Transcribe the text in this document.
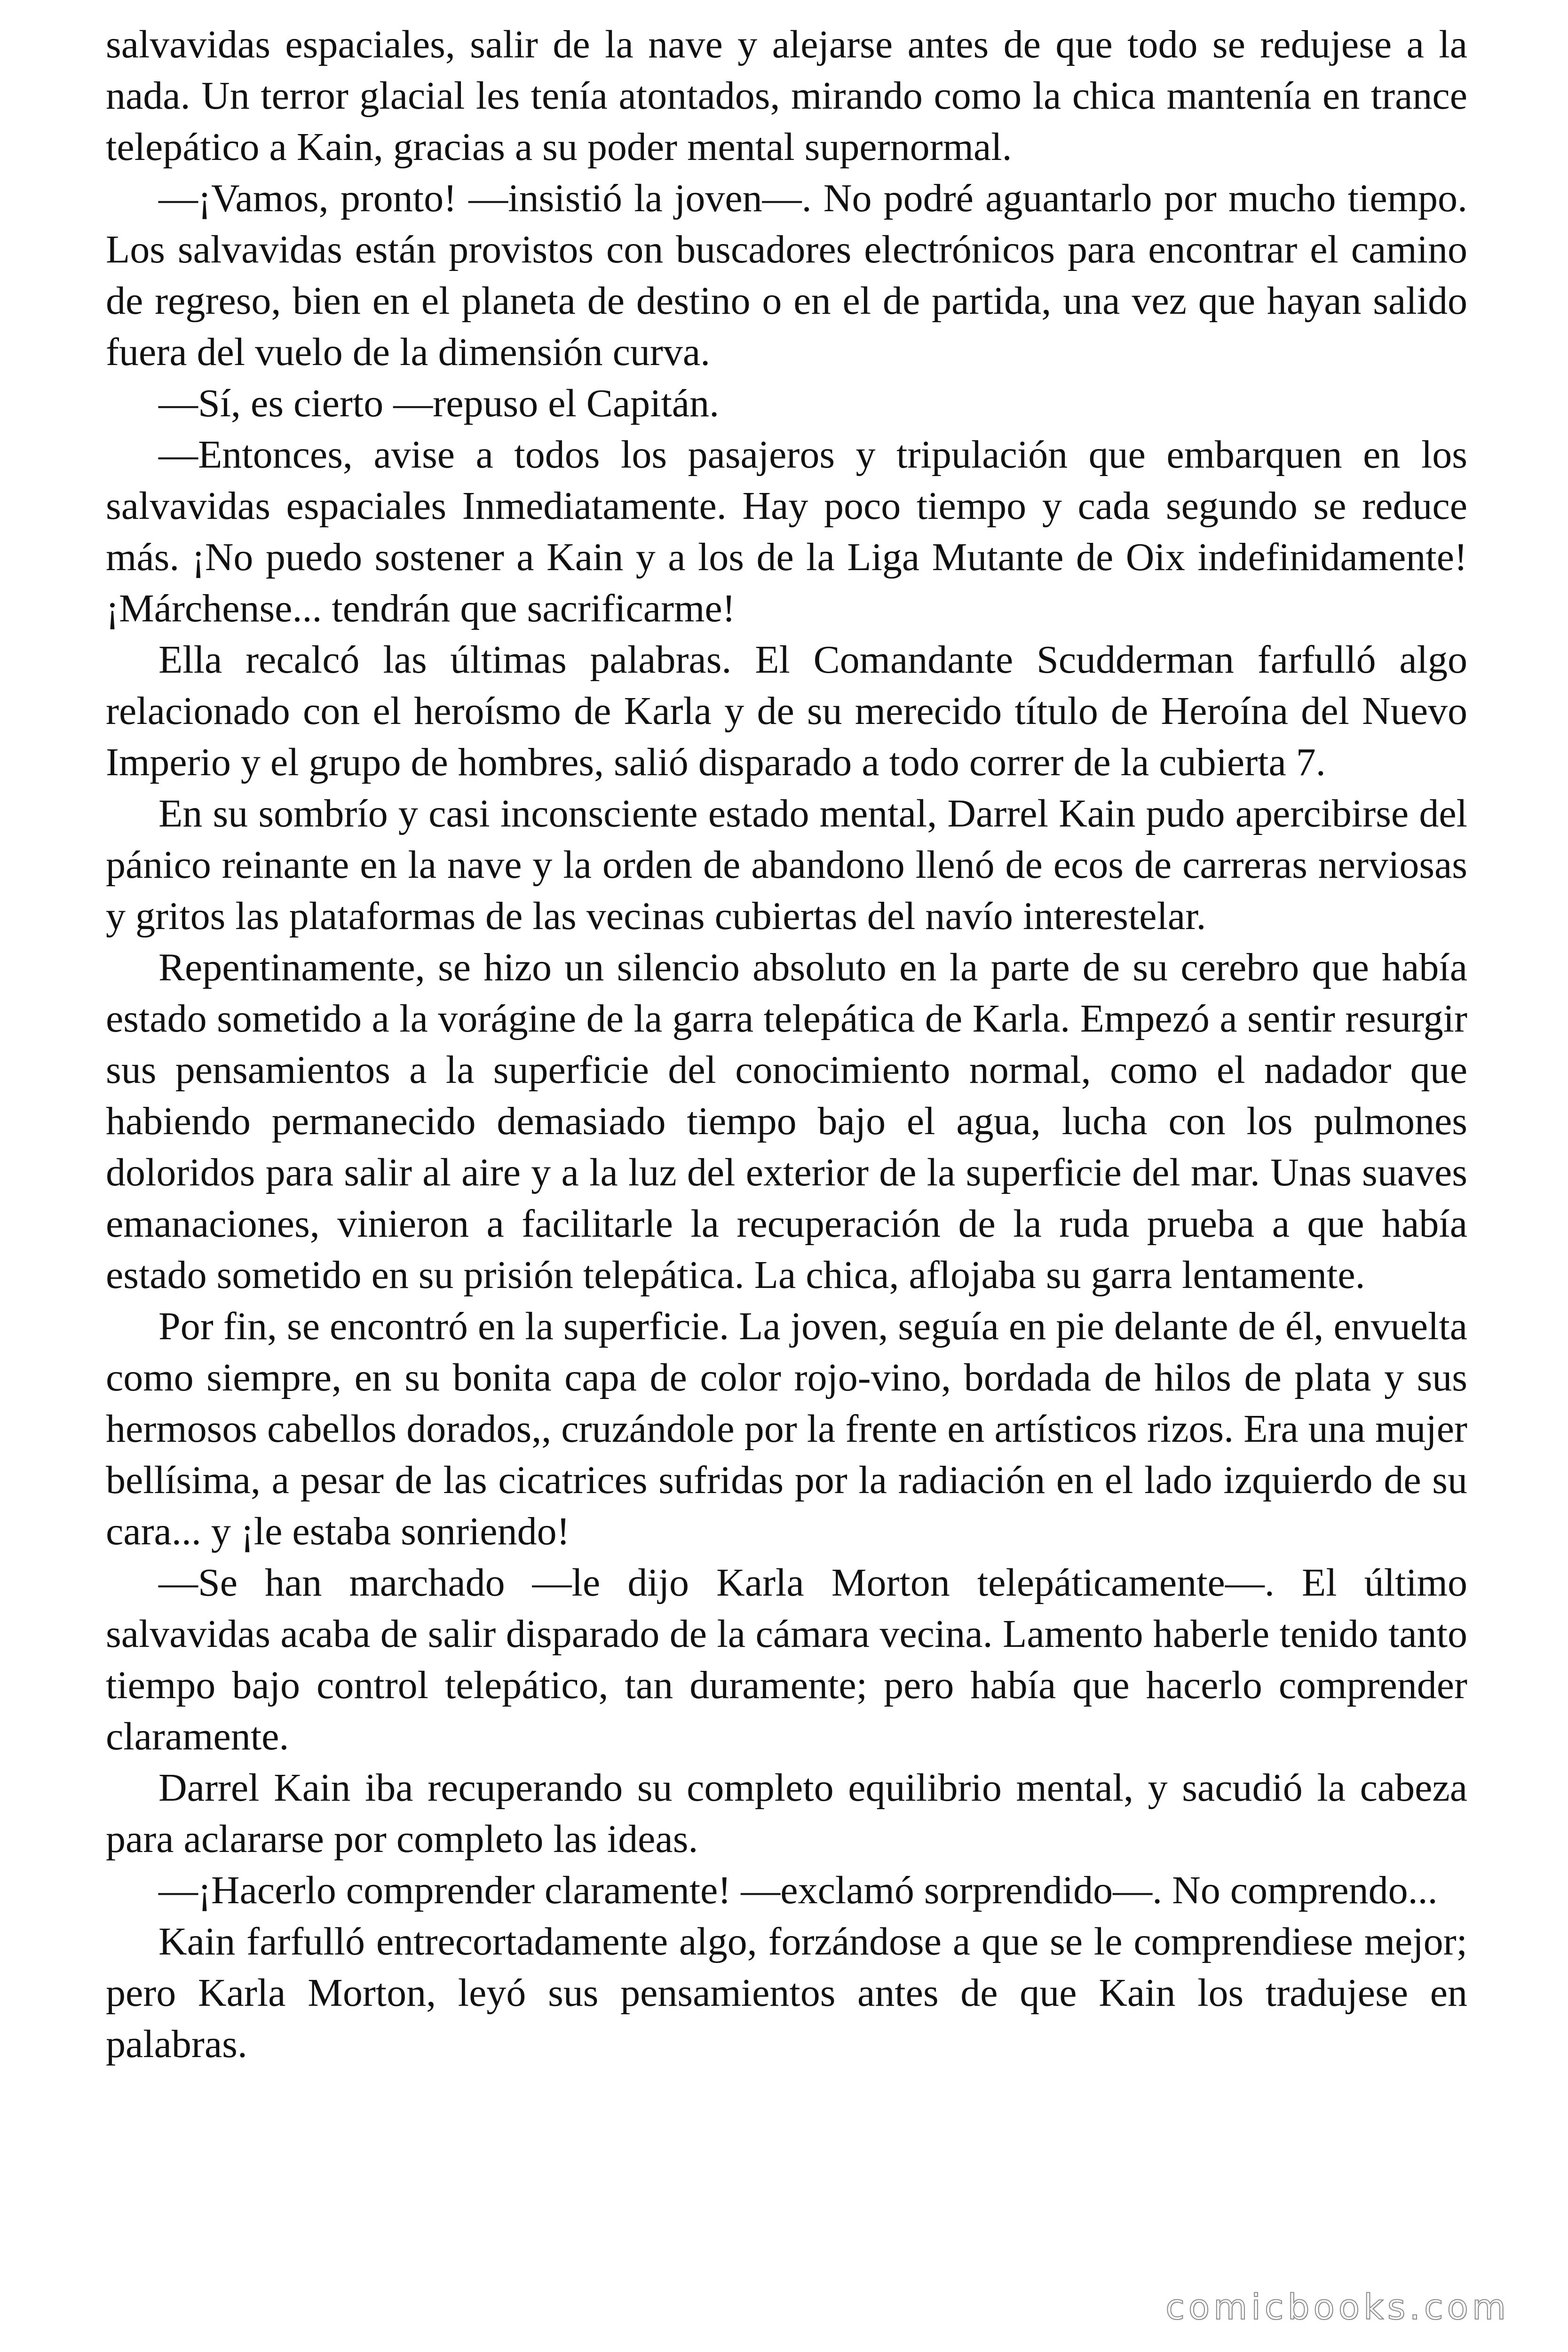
salvavidas espaciales, salir de la nave y alejarse antes de que todo se redujese a la nada. Un terror glacial les tenía atontados, mirando como la chica mantenía en trance telepático a Kain, gracias a su poder mental supernormal.

—¡Vamos, pronto! —insistió la joven—. No podré aguantarlo por mucho tiempo. Los salvavidas están provistos con buscadores electrónicos para encontrar el camino de regreso, bien en el planeta de destino o en el de partida, una vez que hayan salido fuera del vuelo de la dimensión curva.

—Sí, es cierto —repuso el Capitán.

—Entonces, avise a todos los pasajeros y tripulación que embarquen en los salvavidas espaciales Inmediatamente. Hay poco tiempo y cada segundo se reduce más. ¡No puedo sostener a Kain y a los de la Liga Mutante de Oix indefinidamente! ¡Márchense... tendrán que sacrificarme!

Ella recalcó las últimas palabras. El Comandante Scudderman farfulló algo relacionado con el heroísmo de Karla y de su merecido título de Heroína del Nuevo Imperio y el grupo de hombres, salió disparado a todo correr de la cubierta 7.

En su sombrío y casi inconsciente estado mental, Darrel Kain pudo apercibirse del pánico reinante en la nave y la orden de abandono llenó de ecos de carreras nerviosas y gritos las plataformas de las vecinas cubiertas del navío interestelar.

Repentinamente, se hizo un silencio absoluto en la parte de su cerebro que había estado sometido a la vorágine de la garra telepática de Karla. Empezó a sentir resurgir sus pensamientos a la superficie del conocimiento normal, como el nadador que habiendo permanecido demasiado tiempo bajo el agua, lucha con los pulmones doloridos para salir al aire y a la luz del exterior de la superficie del mar. Unas suaves emanaciones, vinieron a facilitarle la recuperación de la ruda prueba a que había estado sometido en su prisión telepática. La chica, aflojaba su garra lentamente.

Por fin, se encontró en la superficie. La joven, seguía en pie delante de él, envuelta como siempre, en su bonita capa de color rojo-vino, bordada de hilos de plata y sus hermosos cabellos dorados,, cruzándole por la frente en artísticos rizos. Era una mujer bellísima, a pesar de las cicatrices sufridas por la radiación en el lado izquierdo de su cara... y ¡le estaba sonriendo!

—Se han marchado —le dijo Karla Morton telepáticamente—. El último salvavidas acaba de salir disparado de la cámara vecina. Lamento haberle tenido tanto tiempo bajo control telepático, tan duramente; pero había que hacerlo comprender claramente.

Darrel Kain iba recuperando su completo equilibrio mental, y sacudió la cabeza para aclararse por completo las ideas.

—¡Hacerlo comprender claramente! —exclamó sorprendido—. No comprendo...

Kain farfulló entrecortadamente algo, forzándose a que se le comprendiese mejor; pero Karla Morton, leyó sus pensamientos antes de que Kain los tradujese en palabras.

comicbooks.com
